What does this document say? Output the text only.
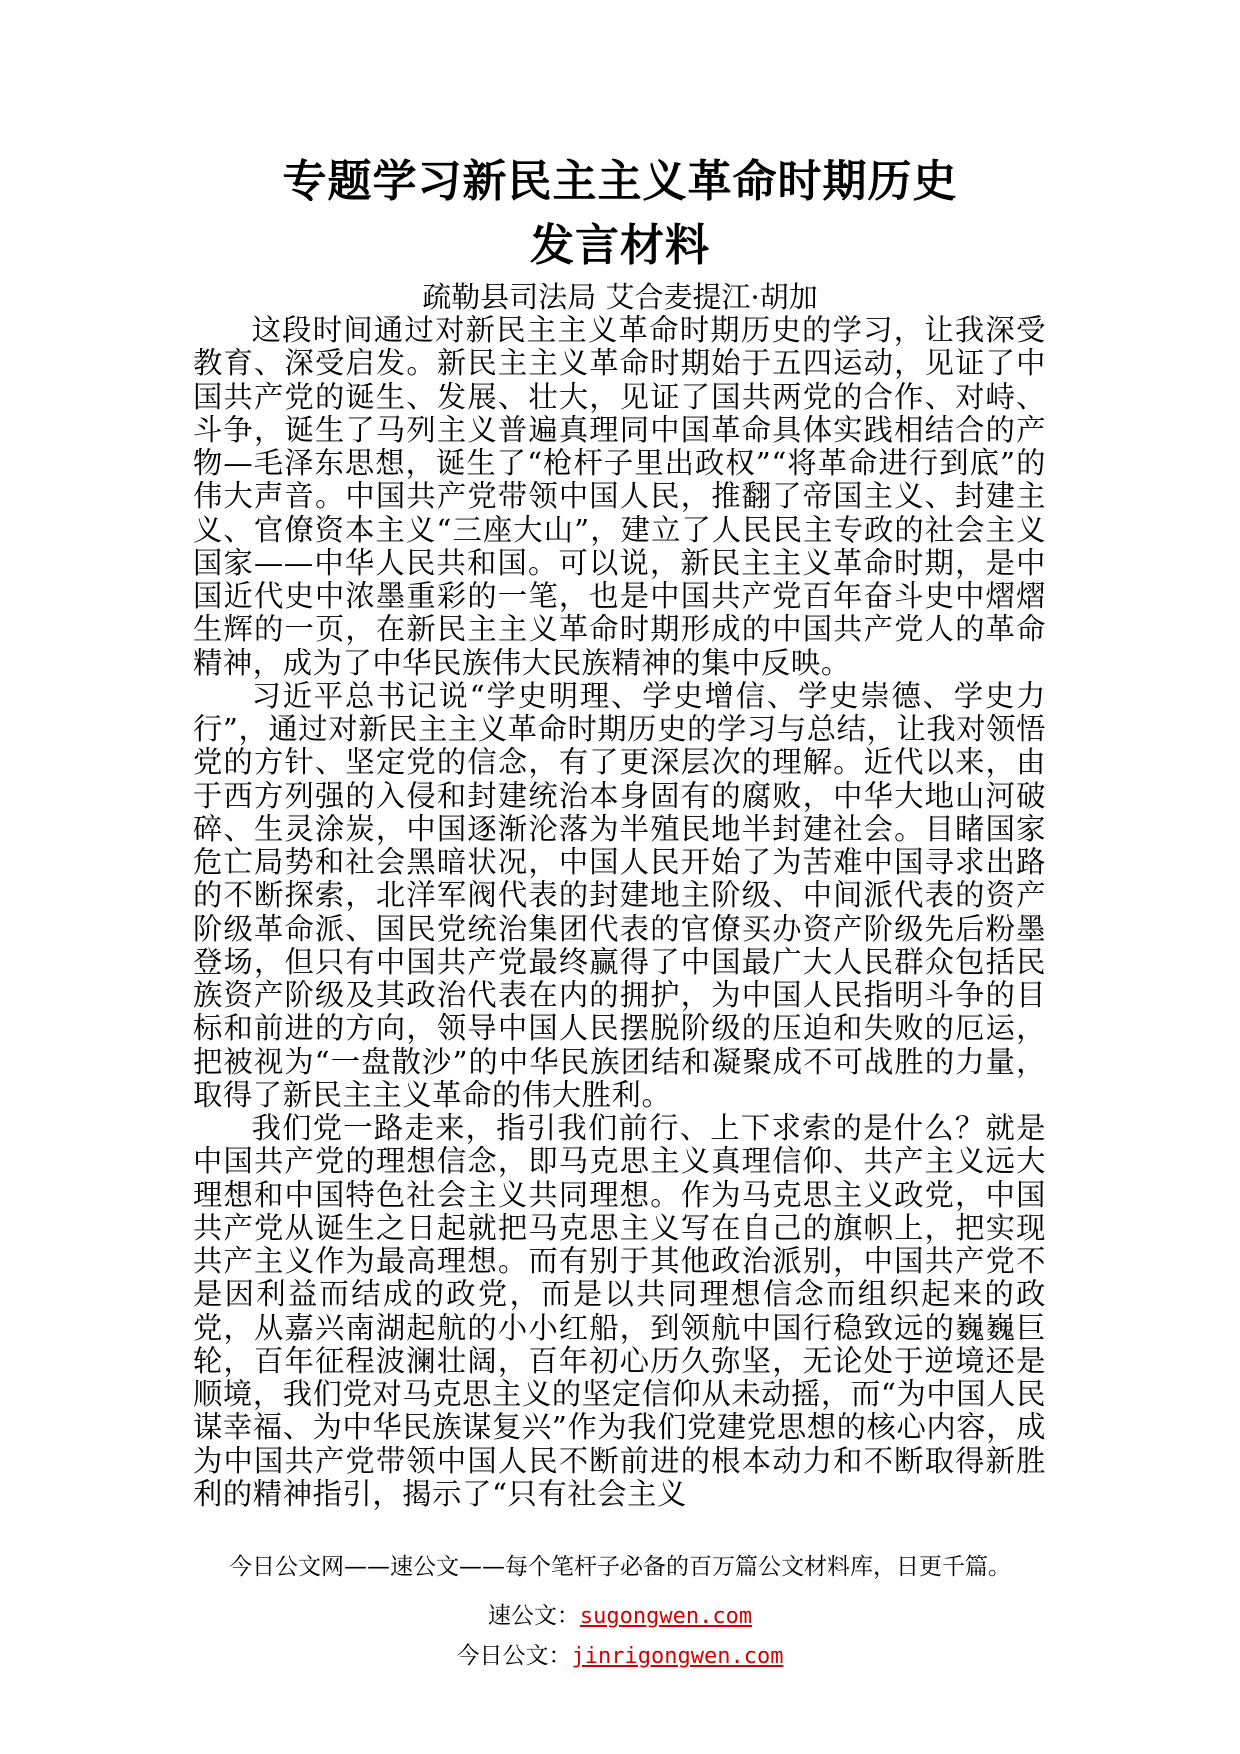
专题学习新民主主义革命时期历史
发言材料
疏勒县司法局 艾合麦提江·胡加

这段时间通过对新民主主义革命时期历史的学习，让我深受教育、深受启发。新民主主义革命时期始于五四运动，见证了中国共产党的诞生、发展、壮大，见证了国共两党的合作、对峙、斗争，诞生了马列主义普遍真理同中国革命具体实践相结合的产物—毛泽东思想，诞生了“枪杆子里出政权”“将革命进行到底”的伟大声音。中国共产党带领中国人民，推翻了帝国主义、封建主义、官僚资本主义“三座大山”，建立了人民民主专政的社会主义国家——中华人民共和国。可以说，新民主主义革命时期，是中国近代史中浓墨重彩的一笔，也是中国共产党百年奋斗史中熠熠生辉的一页，在新民主主义革命时期形成的中国共产党人的革命精神，成为了中华民族伟大民族精神的集中反映。

习近平总书记说“学史明理、学史增信、学史崇德、学史力行”，通过对新民主主义革命时期历史的学习与总结，让我对领悟党的方针、坚定党的信念，有了更深层次的理解。近代以来，由于西方列强的入侵和封建统治本身固有的腐败，中华大地山河破碎、生灵涂炭，中国逐渐沦落为半殖民地半封建社会。目睹国家危亡局势和社会黑暗状况，中国人民开始了为苦难中国寻求出路的不断探索，北洋军阀代表的封建地主阶级、中间派代表的资产阶级革命派、国民党统治集团代表的官僚买办资产阶级先后粉墨登场，但只有中国共产党最终赢得了中国最广大人民群众包括民族资产阶级及其政治代表在内的拥护，为中国人民指明斗争的目标和前进的方向，领导中国人民摆脱阶级的压迫和失败的厄运，把被视为“一盘散沙”的中华民族团结和凝聚成不可战胜的力量，取得了新民主主义革命的伟大胜利。

我们党一路走来，指引我们前行、上下求索的是什么？就是中国共产党的理想信念，即马克思主义真理信仰、共产主义远大理想和中国特色社会主义共同理想。作为马克思主义政党，中国共产党从诞生之日起就把马克思主义写在自己的旗帜上，把实现共产主义作为最高理想。而有别于其他政治派别，中国共产党不是因利益而结成的政党，而是以共同理想信念而组织起来的政党，从嘉兴南湖起航的小小红船，到领航中国行稳致远的巍巍巨轮，百年征程波澜壮阔，百年初心历久弥坚，无论处于逆境还是顺境，我们党对马克思主义的坚定信仰从未动摇，而“为中国人民谋幸福、为中华民族谋复兴”作为我们党建党思想的核心内容，成为中国共产党带领中国人民不断前进的根本动力和不断取得新胜利的精神指引，揭示了“只有社会主义

今日公文网——速公文——每个笔杆子必备的百万篇公文材料库，日更千篇。
速公文：sugongwen.com
今日公文：jinrigongwen.com
